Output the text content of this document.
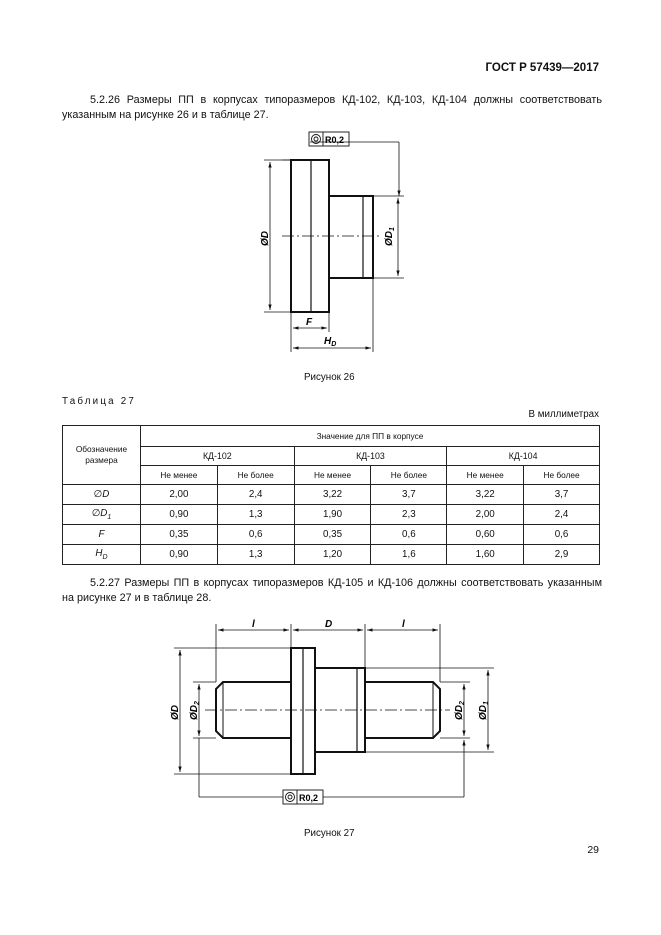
ГОСТ Р 57439—2017
5.2.26 Размеры ПП в корпусах типоразмеров КД-102, КД-103, КД-104 должны соответствовать указанным на рисунке 26 и в таблице 27.
R0,2
ØD	$ØD_1$
F
$H_D$
Рисунок 26
Таблица 27
В миллиметрах
Обозначение размера	Значение для ПП в корпусе					
	КД-102		КД-103		КД-104	
	Не менее	Не более	Не менее	Не более	Не менее	Не более
∅D	2,00	2,4	3,22	3,7	3,22	3,7
$\emptyset D_1$	0,90	1,3	1,90	2,3	2,00	2,4
F	0,35	0,6	0,35	0,6	0,60	0,6
$H_D$	0,90	1,3	1,20	1,6	1,60	2,9
5.2.27 Размеры ПП в корпусах типоразмеров КД-105 и КД-106 должны соответствовать указанным на рисунке 27 и в таблице 28.
l	D	l
ØD $ØD_2$
$ØD_2$
$ØD_1$
R0,2
Рисунок 27
29
